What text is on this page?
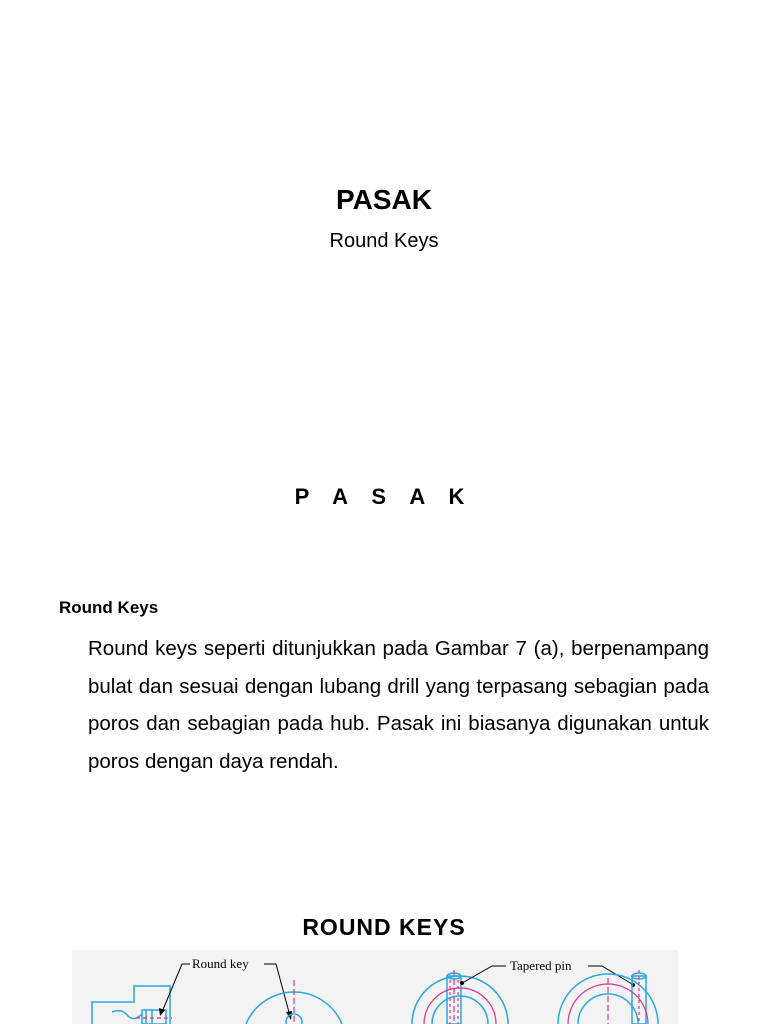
PASAK
Round Keys
P A S A K
Round Keys

Round keys seperti ditunjukkan pada Gambar 7 (a), berpenampang bulat dan sesuai dengan lubang drill yang terpasang sebagian pada poros dan sebagian pada hub. Pasak ini biasanya digunakan untuk poros dengan daya rendah.

ROUND KEYS
Round key	Tapered pin
